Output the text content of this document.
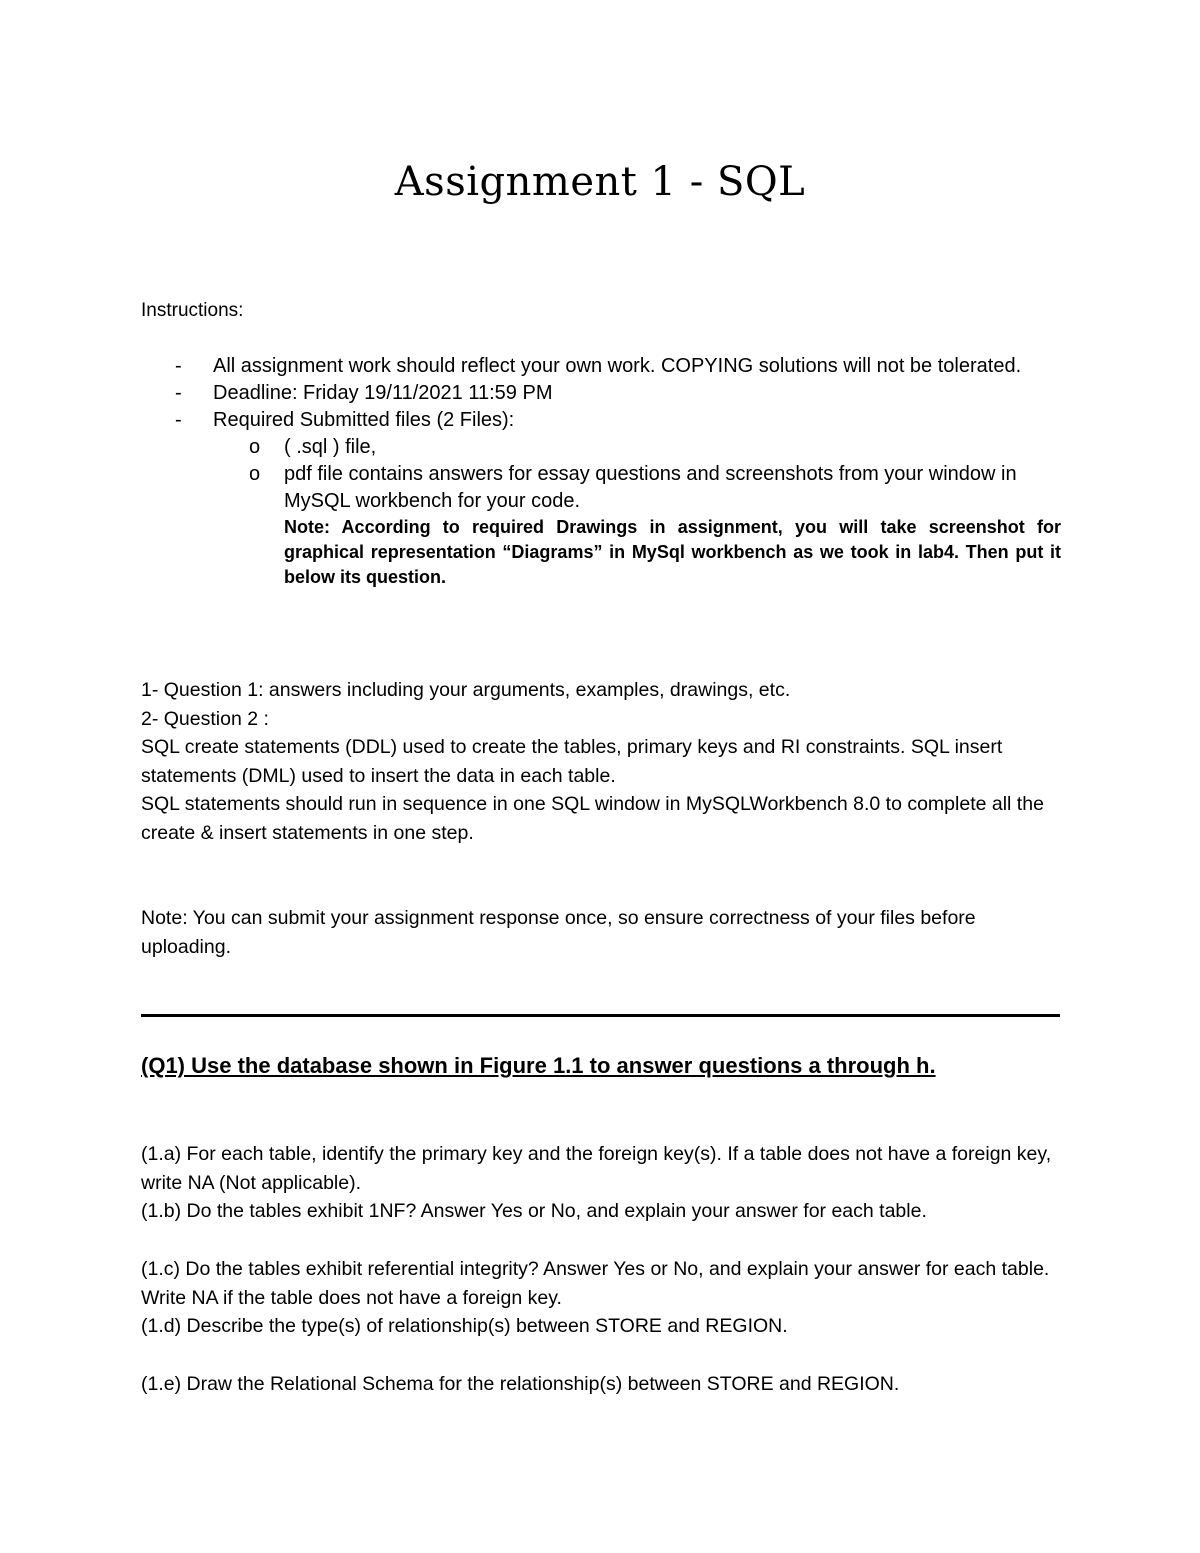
Assignment 1 - SQL
Instructions:
- All assignment work should reflect your own work. COPYING solutions will not be tolerated.
- Deadline: Friday 19/11/2021 11:59 PM
- Required Submitted files (2 Files):
o ( .sql ) file,
o pdf file contains answers for essay questions and screenshots from your window in MySQL workbench for your code.
Note: According to required Drawings in assignment, you will take screenshot for graphical representation “Diagrams” in MySql workbench as we took in lab4. Then put it below its question.

1- Question 1: answers including your arguments, examples, drawings, etc.

2- Question 2 :

SQL create statements (DDL) used to create the tables, primary keys and RI constraints. SQL insert statements (DML) used to insert the data in each table.

SQL statements should run in sequence in one SQL window in MySQLWorkbench 8.0 to complete all the create & insert statements in one step.

Note: You can submit your assignment response once, so ensure correctness of your files before uploading.

(Q1) Use the database shown in Figure 1.1 to answer questions a through h.

(1.a) For each table, identify the primary key and the foreign key(s). If a table does not have a foreign key, write NA (Not applicable).

(1.b) Do the tables exhibit 1NF? Answer Yes or No, and explain your answer for each table.

(1.c) Do the tables exhibit referential integrity? Answer Yes or No, and explain your answer for each table. Write NA if the table does not have a foreign key.

(1.d) Describe the type(s) of relationship(s) between STORE and REGION.

(1.e) Draw the Relational Schema for the relationship(s) between STORE and REGION.
